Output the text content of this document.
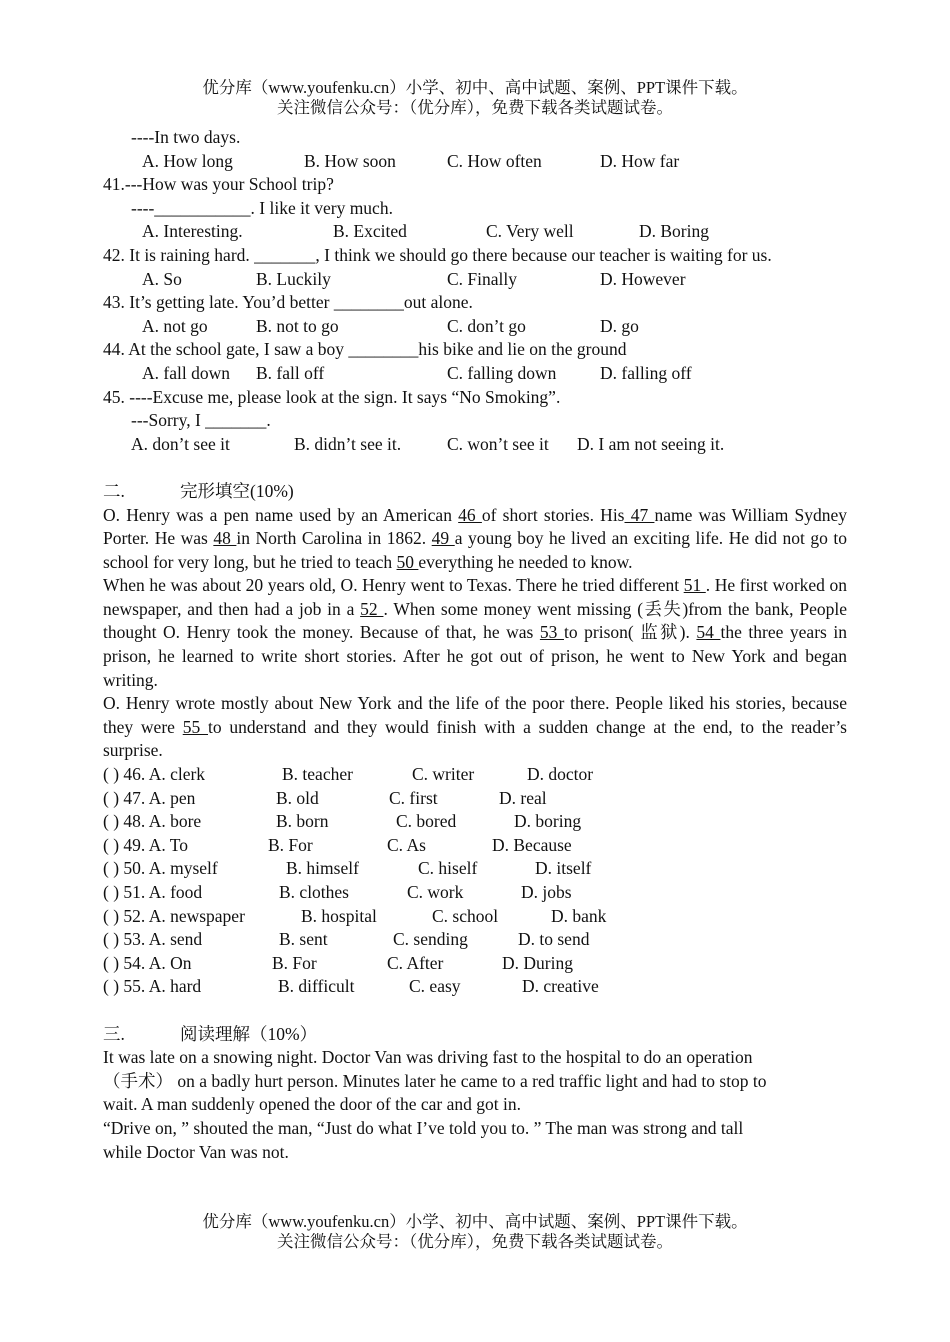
优分库（www.youfenku.cn）小学、初中、高中试题、案例、PPT课件下载。
关注微信公众号：（优分库），免费下载各类试题试卷。
----In two days.
A. How long	B. How soon	C. How often	D. How far
41.---How was your School trip?
----___________. I like it very much.
A. Interesting.	B. Excited	C. Very well	D. Boring
42. It is raining hard. _______, I think we should go there because our teacher is waiting for us.
A. So	B. Luckily	C. Finally	D. However
43. It’s getting late. You’d better ________out alone.
A. not go	B. not to go	C. don’t go	D. go
44. At the school gate, I saw a boy ________his bike and lie on the ground
A. fall down B. fall off	C. falling down D. falling off
45. ----Excuse me, please look at the sign. It says “No Smoking”.
---Sorry, I _______.
A. don’t see it	B. didn’t see it.	C. won’t see it D. I am not seeing it.
二.	完形填空(10%)
O. Henry was a pen name used by an American 46 of short stories. His 47 name was William Sydney Porter. He was 48 in North Carolina in 1862. 49 a young boy he lived an exciting life. He did not go to school for very long, but he tried to teach 50 everything he needed to know.
When he was about 20 years old, O. Henry went to Texas. There he tried different 51 . He first worked on newspaper, and then had a job in a 52 . When some money went missing (丢失)from the bank, People thought O. Henry took the money. Because of that, he was 53 to prison( 监狱). 54 the three years in prison, he learned to write short stories. After he got out of prison, he went to New York and began writing.
O. Henry wrote mostly about New York and the life of the poor there. People liked his stories, because they were 55 to understand and they would finish with a sudden change at the end, to the reader’s surprise.
( ) 46. A. clerk	B. teacher	C. writer	D. doctor
( ) 47. A. pen	B. old	C. first	D. real
( ) 48. A. bore	B. born	C. bored	D. boring
( ) 49. A. To	B. For	C. As	D. Because
( ) 50. A. myself	B. himself	C. hiself	D. itself
( ) 51. A. food	B. clothes	C. work	D. jobs
( ) 52. A. newspaper	B. hospital	C. school	D. bank
( ) 53. A. send	B. sent	C. sending	D. to send
( ) 54. A. On	B. For	C. After	D. During
( ) 55. A. hard	B. difficult	C. easy	D. creative
三.	阅读理解（10%）
It was late on a snowing night. Doctor Van was driving fast to the hospital to do an operation
（手术） on a badly hurt person. Minutes later he came to a red traffic light and had to stop to
wait. A man suddenly opened the door of the car and got in.
“Drive on, ” shouted the man, “Just do what I’ve told you to. ” The man was strong and tall
while Doctor Van was not.
优分库（www.youfenku.cn）小学、初中、高中试题、案例、PPT课件下载。
关注微信公众号：（优分库），免费下载各类试题试卷。
